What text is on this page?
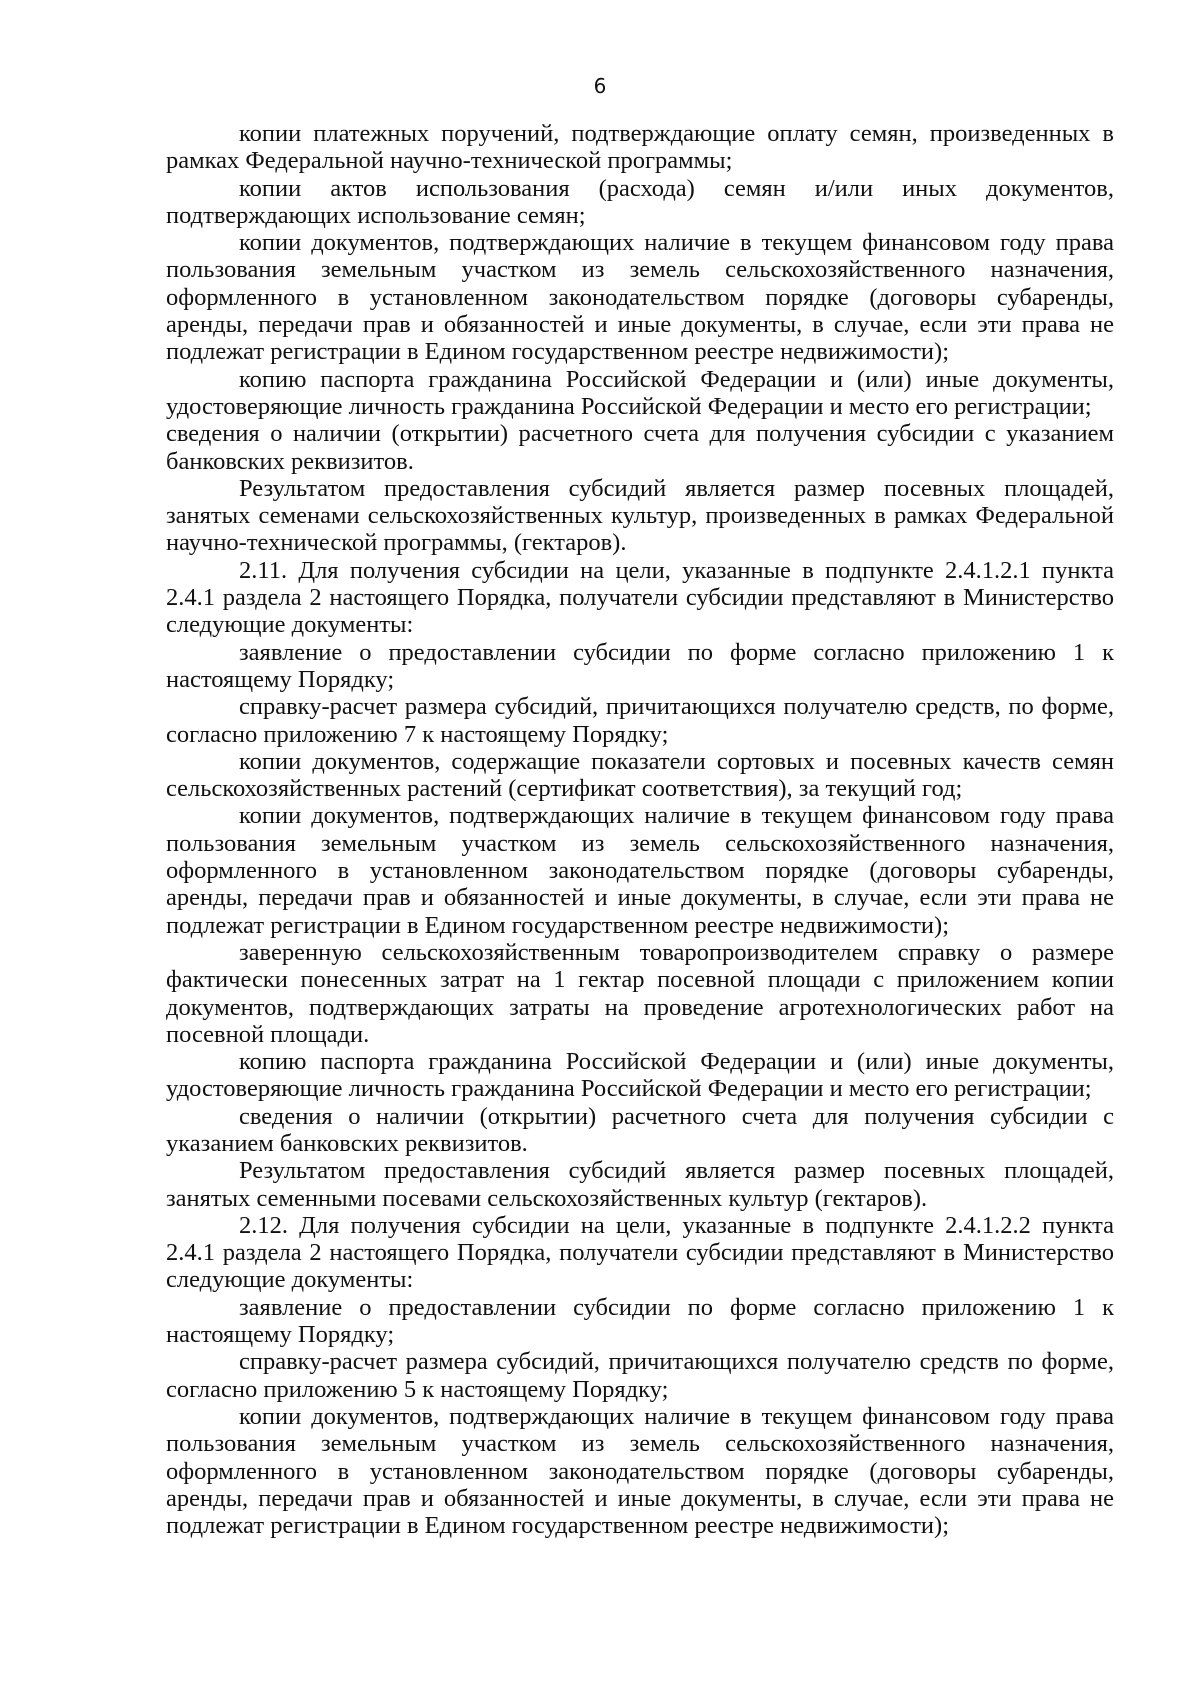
6

копии платежных поручений, подтверждающие оплату семян, произведенных в рамках Федеральной научно-технической программы;

копии актов использования (расхода) семян и/или иных документов, подтверждающих использование семян;

копии документов, подтверждающих наличие в текущем финансовом году права пользования земельным участком из земель сельскохозяйственного назначения, оформленного в установленном законодательством порядке (договоры субаренды, аренды, передачи прав и обязанностей и иные документы, в случае, если эти права не подлежат регистрации в Едином государственном реестре недвижимости);

копию паспорта гражданина Российской Федерации и (или) иные документы, удостоверяющие личность гражданина Российской Федерации и место его регистрации;

сведения о наличии (открытии) расчетного счета для получения субсидии с указанием банковских реквизитов.

Результатом предоставления субсидий является размер посевных площадей, занятых семенами сельскохозяйственных культур, произведенных в рамках Федеральной научно-технической программы, (гектаров).

2.11. Для получения субсидии на цели, указанные в подпункте 2.4.1.2.1 пункта 2.4.1 раздела 2 настоящего Порядка, получатели субсидии представляют в Министерство следующие документы:

заявление о предоставлении субсидии по форме согласно приложению 1 к настоящему Порядку;

справку-расчет размера субсидий, причитающихся получателю средств, по форме, согласно приложению 7 к настоящему Порядку;

копии документов, содержащие показатели сортовых и посевных качеств семян сельскохозяйственных растений (сертификат соответствия), за текущий год;

копии документов, подтверждающих наличие в текущем финансовом году права пользования земельным участком из земель сельскохозяйственного назначения, оформленного в установленном законодательством порядке (договоры субаренды, аренды, передачи прав и обязанностей и иные документы, в случае, если эти права не подлежат регистрации в Едином государственном реестре недвижимости);

заверенную сельскохозяйственным товаропроизводителем справку о размере фактически понесенных затрат на 1 гектар посевной площади с приложением копии документов, подтверждающих затраты на проведение агротехнологических работ на посевной площади.

копию паспорта гражданина Российской Федерации и (или) иные документы, удостоверяющие личность гражданина Российской Федерации и место его регистрации;

сведения о наличии (открытии) расчетного счета для получения субсидии с указанием банковских реквизитов.

Результатом предоставления субсидий является размер посевных площадей, занятых семенными посевами сельскохозяйственных культур (гектаров).

2.12. Для получения субсидии на цели, указанные в подпункте 2.4.1.2.2 пункта 2.4.1 раздела 2 настоящего Порядка, получатели субсидии представляют в Министерство следующие документы:

заявление о предоставлении субсидии по форме согласно приложению 1 к настоящему Порядку;

справку-расчет размера субсидий, причитающихся получателю средств по форме, согласно приложению 5 к настоящему Порядку;

копии документов, подтверждающих наличие в текущем финансовом году права пользования земельным участком из земель сельскохозяйственного назначения, оформленного в установленном законодательством порядке (договоры субаренды, аренды, передачи прав и обязанностей и иные документы, в случае, если эти права не подлежат регистрации в Едином государственном реестре недвижимости);
